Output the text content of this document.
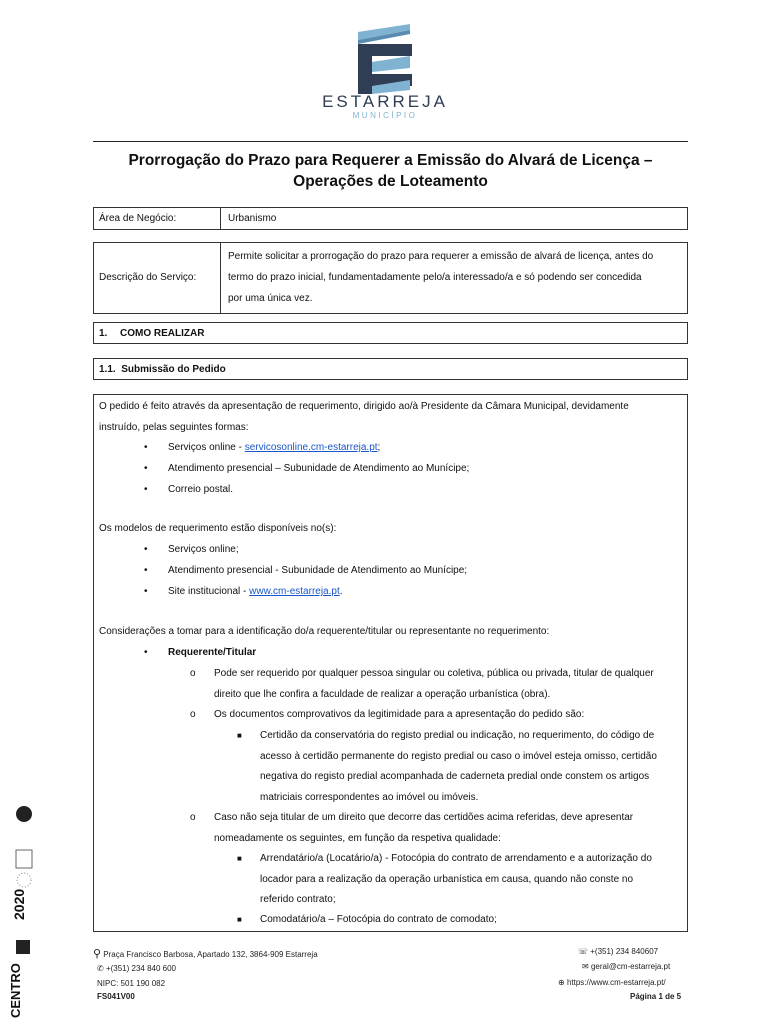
ESTARREJA
MUNICÍPIO
Prorrogação do Prazo para Requerer a Emissão do Alvará de Licença –
Operações de Loteamento
Área de Negócio:	Urbanismo
Descrição do Serviço:
Permite solicitar a prorrogação do prazo para requerer a emissão de alvará de licença, antes do
termo do prazo inicial, fundamentadamente pelo/a interessado/a e só podendo ser concedida
por uma única vez.
1. COMO REALIZAR
1.1.  Submissão do Pedido
O pedido é feito através da apresentação de requerimento, dirigido ao/à Presidente da Câmara Municipal, devidamente
instruído, pelas seguintes formas:
• Serviços online - servicosonline.cm-estarreja.pt;
• Atendimento presencial – Subunidade de Atendimento ao Munícipe;
• Correio postal.
Os modelos de requerimento estão disponíveis no(s):
• Serviços online;
• Atendimento presencial - Subunidade de Atendimento ao Munícipe;
• Site institucional - www.cm-estarreja.pt.
Considerações a tomar para a identificação do/a requerente/titular ou representante no requerimento:
• Requerente/Titular
o Pode ser requerido por qualquer pessoa singular ou coletiva, pública ou privada, titular de qualquer
direito que lhe confira a faculdade de realizar a operação urbanística (obra).
o Os documentos comprovativos da legitimidade para a apresentação do pedido são:
■ Certidão da conservatória do registo predial ou indicação, no requerimento, do código de
acesso à certidão permanente do registo predial ou caso o imóvel esteja omisso, certidão
negativa do registo predial acompanhada de caderneta predial onde constem os artigos
matriciais correspondentes ao imóvel ou imóveis.
o Caso não seja titular de um direito que decorre das certidões acima referidas, deve apresentar
nomeadamente os seguintes, em função da respetiva qualidade:
■ Arrendatário/a (Locatário/a) - Fotocópia do contrato de arrendamento e a autorização do
locador para a realização da operação urbanística em causa, quando não conste no
referido contrato;
■ Comodatário/a – Fotocópia do contrato de comodato;
⚲ Praça Francisco Barbosa, Apartado 132, 3864-909 Estarreja
✆ +(351) 234 840 600
NIPC: 501 190 082
FS041V00
☏ +(351) 234 840607
✉ geral@cm-estarreja.pt
⊕ https://www.cm-estarreja.pt/
Página 1 de 5
2020
CENTRO
